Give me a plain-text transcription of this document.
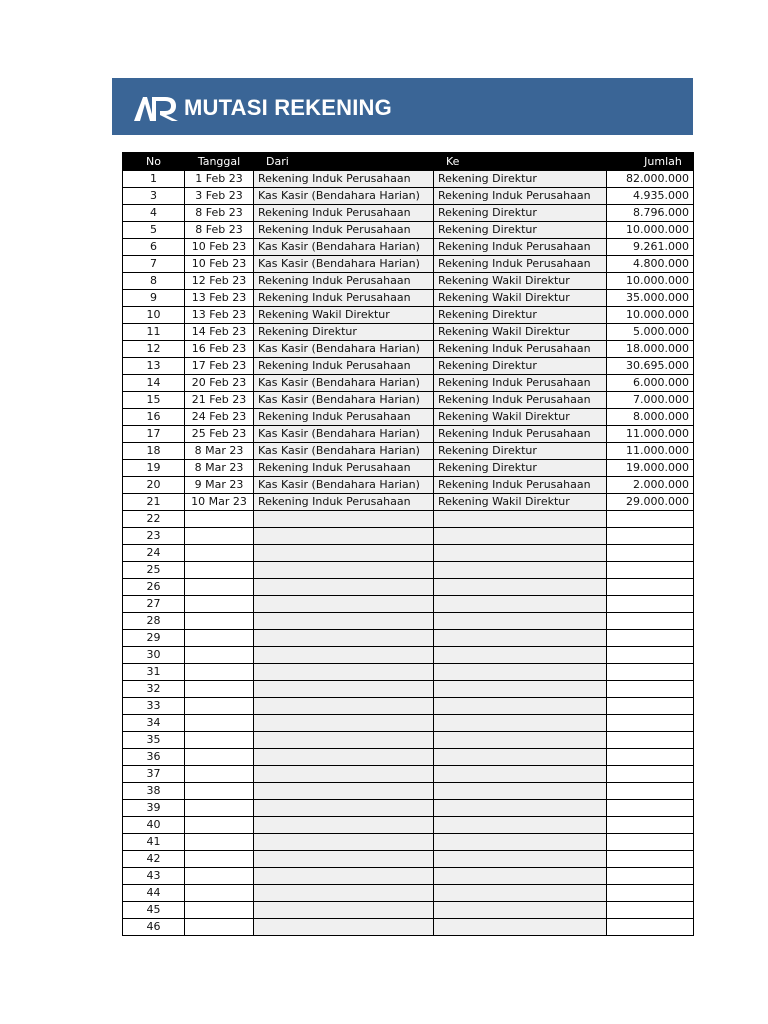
MUTASI REKENING
No	Tanggal	Dari	Ke	Jumlah
1	1 Feb 23	Rekening Induk Perusahaan	Rekening Direktur	82.000.000
3	3 Feb 23	Kas Kasir (Bendahara Harian)	Rekening Induk Perusahaan	4.935.000
4	8 Feb 23	Rekening Induk Perusahaan	Rekening Direktur	8.796.000
5	8 Feb 23	Rekening Induk Perusahaan	Rekening Direktur	10.000.000
6	10 Feb 23	Kas Kasir (Bendahara Harian)	Rekening Induk Perusahaan	9.261.000
7	10 Feb 23	Kas Kasir (Bendahara Harian)	Rekening Induk Perusahaan	4.800.000
8	12 Feb 23	Rekening Induk Perusahaan	Rekening Wakil Direktur	10.000.000
9	13 Feb 23	Rekening Induk Perusahaan	Rekening Wakil Direktur	35.000.000
10	13 Feb 23	Rekening Wakil Direktur	Rekening Direktur	10.000.000
11	14 Feb 23	Rekening Direktur	Rekening Wakil Direktur	5.000.000
12	16 Feb 23	Kas Kasir (Bendahara Harian)	Rekening Induk Perusahaan	18.000.000
13	17 Feb 23	Rekening Induk Perusahaan	Rekening Direktur	30.695.000
14	20 Feb 23	Kas Kasir (Bendahara Harian)	Rekening Induk Perusahaan	6.000.000
15	21 Feb 23	Kas Kasir (Bendahara Harian)	Rekening Induk Perusahaan	7.000.000
16	24 Feb 23	Rekening Induk Perusahaan	Rekening Wakil Direktur	8.000.000
17	25 Feb 23	Kas Kasir (Bendahara Harian)	Rekening Induk Perusahaan	11.000.000
18	8 Mar 23	Kas Kasir (Bendahara Harian)	Rekening Direktur	11.000.000
19	8 Mar 23	Rekening Induk Perusahaan	Rekening Direktur	19.000.000
20	9 Mar 23	Kas Kasir (Bendahara Harian)	Rekening Induk Perusahaan	2.000.000
21	10 Mar 23	Rekening Induk Perusahaan	Rekening Wakil Direktur	29.000.000
22				
23				
24				
25				
26				
27				
28				
29				
30				
31				
32				
33				
34				
35				
36				
37				
38				
39				
40				
41				
42				
43				
44				
45				
46				
